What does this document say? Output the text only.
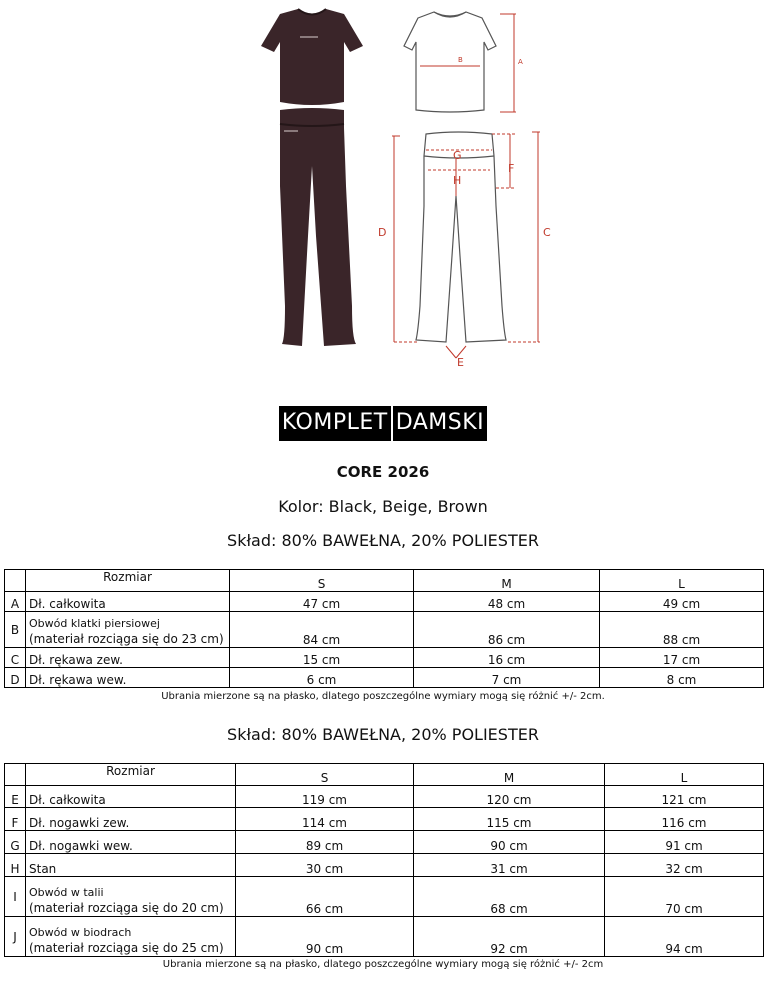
B	A
G
H
F
C
D
E
KOMPLET DAMSKI
CORE 2026
Kolor: Black, Beige, Brown
Skład: 80% BAWEŁNA, 20% POLIESTER
	Rozmiar	S	M	L
A	Dł. całkowita	47 cm	48 cm	49 cm
B	Obwód klatki piersiowej
(materiał rozciąga się do 23 cm)	84 cm	86 cm	88 cm
C	Dł. rękawa zew.	15 cm	16 cm	17 cm
D	Dł. rękawa wew.	6 cm	7 cm	8 cm
Ubrania mierzone są na płasko, dlatego poszczególne wymiary mogą się różnić +/- 2cm.
Skład: 80% BAWEŁNA, 20% POLIESTER
	Rozmiar	S	M	L
E	Dł. całkowita	119 cm	120 cm	121 cm
F	Dł. nogawki zew.	114 cm	115 cm	116 cm
G	Dł. nogawki wew.	89 cm	90 cm	91 cm
H	Stan	30 cm	31 cm	32 cm
I	Obwód w talii
(materiał rozciąga się do 20 cm)	66 cm	68 cm	70 cm
J	Obwód w biodrach
(materiał rozciąga się do 25 cm)	90 cm	92 cm	94 cm
Ubrania mierzone są na płasko, dlatego poszczególne wymiary mogą się różnić +/- 2cm
